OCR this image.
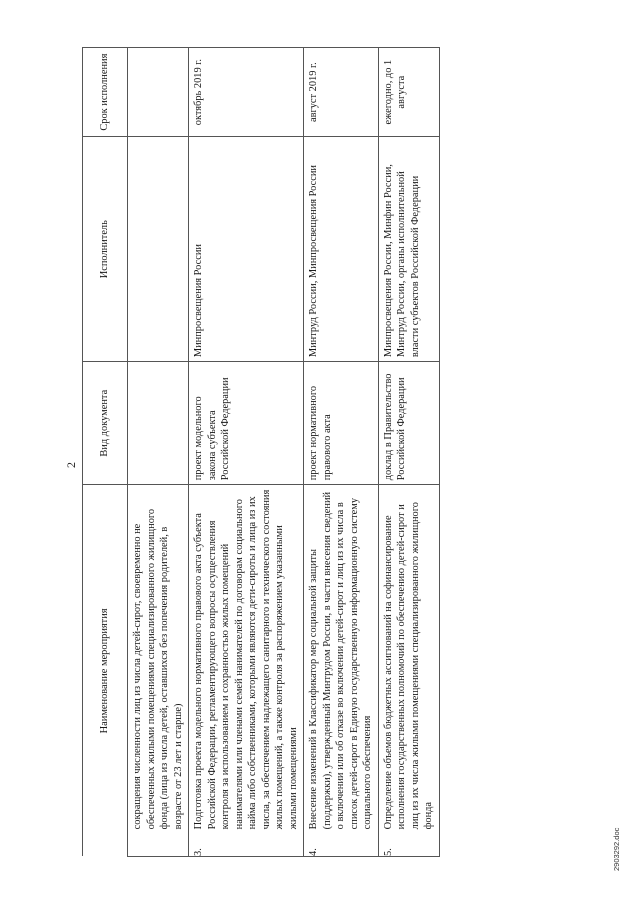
2
Наименование мероприятия		Вид документа	Исполнитель	Срок исполнения
	сокращения численности лиц из числа детей-сирот, своевременно не обеспеченных жилыми помещениями специализированного жилищного фонда (лица из числа детей, оставшихся без попечения родителей, в возрасте от 23 лет и старше)			
3.	Подготовка проекта модельного нормативного правового акта субъекта Российской Федерации, регламентирующего вопросы осуществления контроля за использованием и сохранностью жилых помещений нанимателями или членами семей нанимателей по договорам социального найма либо собственниками, которыми являются дети-сироты и лица из их числа, за обеспечением надлежащего санитарного и технического состояния жилых помещений, а также контроля за распоряжением указанными жилыми помещениями	проект модельного закона субъекта Российской Федерации	Минпросвещения России	октябрь 2019 г.
4.	Внесение изменений в Классификатор мер социальной защиты (поддержки), утвержденный Минтрудом России, в части внесения сведений о включении или об отказе во включении детей-сирот и лиц из их числа в список детей-сирот в Единую государственную информационную систему социального обеспечения	проект нормативного правового акта	Минтруд России, Минпросвещения России	август 2019 г.
5.	Определение объемов бюджетных ассигнований на софинансирование исполнения государственных полномочий по обеспечению детей-сирот и лиц из их числа жилыми помещениями специализированного жилищного фонда	доклад в Правительство Российской Федерации	Минпросвещения России, Минфин России, Минтруд России, органы исполнительной власти субъектов Российской Федерации	ежегодно, до 1 августа
2903292.doc
